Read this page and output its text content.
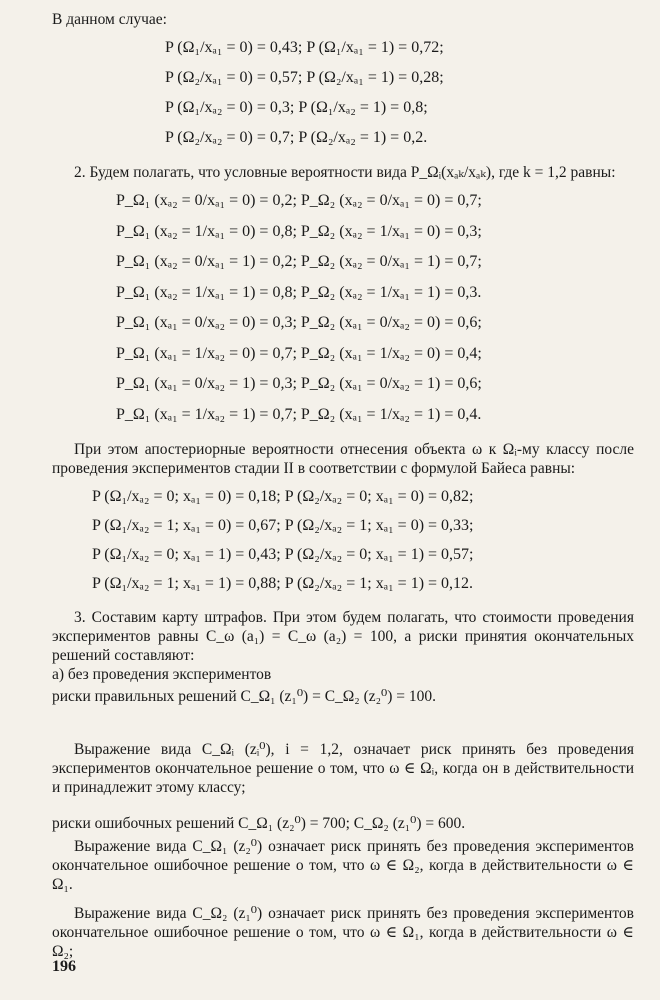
В данном случае:

P (Ω₁/xₐ₁ = 0) = 0,43; P (Ω₁/xₐ₁ = 1) = 0,72;
P (Ω₂/xₐ₁ = 0) = 0,57; P (Ω₂/xₐ₁ = 1) = 0,28;
P (Ω₁/xₐ₂ = 0) = 0,3; P (Ω₁/xₐ₂ = 1) = 0,8;
P (Ω₂/xₐ₂ = 0) = 0,7; P (Ω₂/xₐ₂ = 1) = 0,2.

2. Будем полагать, что условные вероятности вида P_Ωᵢ(xₐₖ/xₐₖ), где k = 1,2 равны:

P_Ω₁ (xₐ₂ = 0/xₐ₁ = 0) = 0,2; P_Ω₂ (xₐ₂ = 0/xₐ₁ = 0) = 0,7;
P_Ω₁ (xₐ₂ = 1/xₐ₁ = 0) = 0,8; P_Ω₂ (xₐ₂ = 1/xₐ₁ = 0) = 0,3;
P_Ω₁ (xₐ₂ = 0/xₐ₁ = 1) = 0,2; P_Ω₂ (xₐ₂ = 0/xₐ₁ = 1) = 0,7;
P_Ω₁ (xₐ₂ = 1/xₐ₁ = 1) = 0,8; P_Ω₂ (xₐ₂ = 1/xₐ₁ = 1) = 0,3.
P_Ω₁ (xₐ₁ = 0/xₐ₂ = 0) = 0,3; P_Ω₂ (xₐ₁ = 0/xₐ₂ = 0) = 0,6;
P_Ω₁ (xₐ₁ = 1/xₐ₂ = 0) = 0,7; P_Ω₂ (xₐ₁ = 1/xₐ₂ = 0) = 0,4;
P_Ω₁ (xₐ₁ = 0/xₐ₂ = 1) = 0,3; P_Ω₂ (xₐ₁ = 0/xₐ₂ = 1) = 0,6;
P_Ω₁ (xₐ₁ = 1/xₐ₂ = 1) = 0,7; P_Ω₂ (xₐ₁ = 1/xₐ₂ = 1) = 0,4.

При этом апостериорные вероятности отнесения объекта ω к Ωᵢ-му классу после проведения экспериментов стадии II в соответствии с формулой Байеса равны:

P (Ω₁/xₐ₂ = 0; xₐ₁ = 0) = 0,18; P (Ω₂/xₐ₂ = 0; xₐ₁ = 0) = 0,82;
P (Ω₁/xₐ₂ = 1; xₐ₁ = 0) = 0,67; P (Ω₂/xₐ₂ = 1; xₐ₁ = 0) = 0,33;
P (Ω₁/xₐ₂ = 0; xₐ₁ = 1) = 0,43; P (Ω₂/xₐ₂ = 0; xₐ₁ = 1) = 0,57;
P (Ω₁/xₐ₂ = 1; xₐ₁ = 1) = 0,88; P (Ω₂/xₐ₂ = 1; xₐ₁ = 1) = 0,12.

3. Составим карту штрафов. При этом будем полагать, что стоимости проведения экспериментов равны C_ω (a₁) = C_ω (a₂) = 100, а риски принятия окончательных решений составляют:

а) без проведения экспериментов

риски правильных решений C_Ω₁ (z₁⁰) = C_Ω₂ (z₂⁰) = 100.

Выражение вида C_Ωᵢ (zᵢ⁰), i = 1,2, означает риск принять без проведения экспериментов окончательное решение о том, что ω ∈ Ωᵢ, когда он в действительности и принадлежит этому классу;

риски ошибочных решений C_Ω₁ (z₂⁰) = 700; C_Ω₂ (z₁⁰) = 600.

Выражение вида C_Ω₁ (z₂⁰) означает риск принять без проведения экспериментов окончательное ошибочное решение о том, что ω ∈ Ω₂, когда в действительности ω ∈ Ω₁.

Выражение вида C_Ω₂ (z₁⁰) означает риск принять без проведения экспериментов окончательное ошибочное решение о том, что ω ∈ Ω₁, когда в действительности ω ∈ Ω₂;

196
